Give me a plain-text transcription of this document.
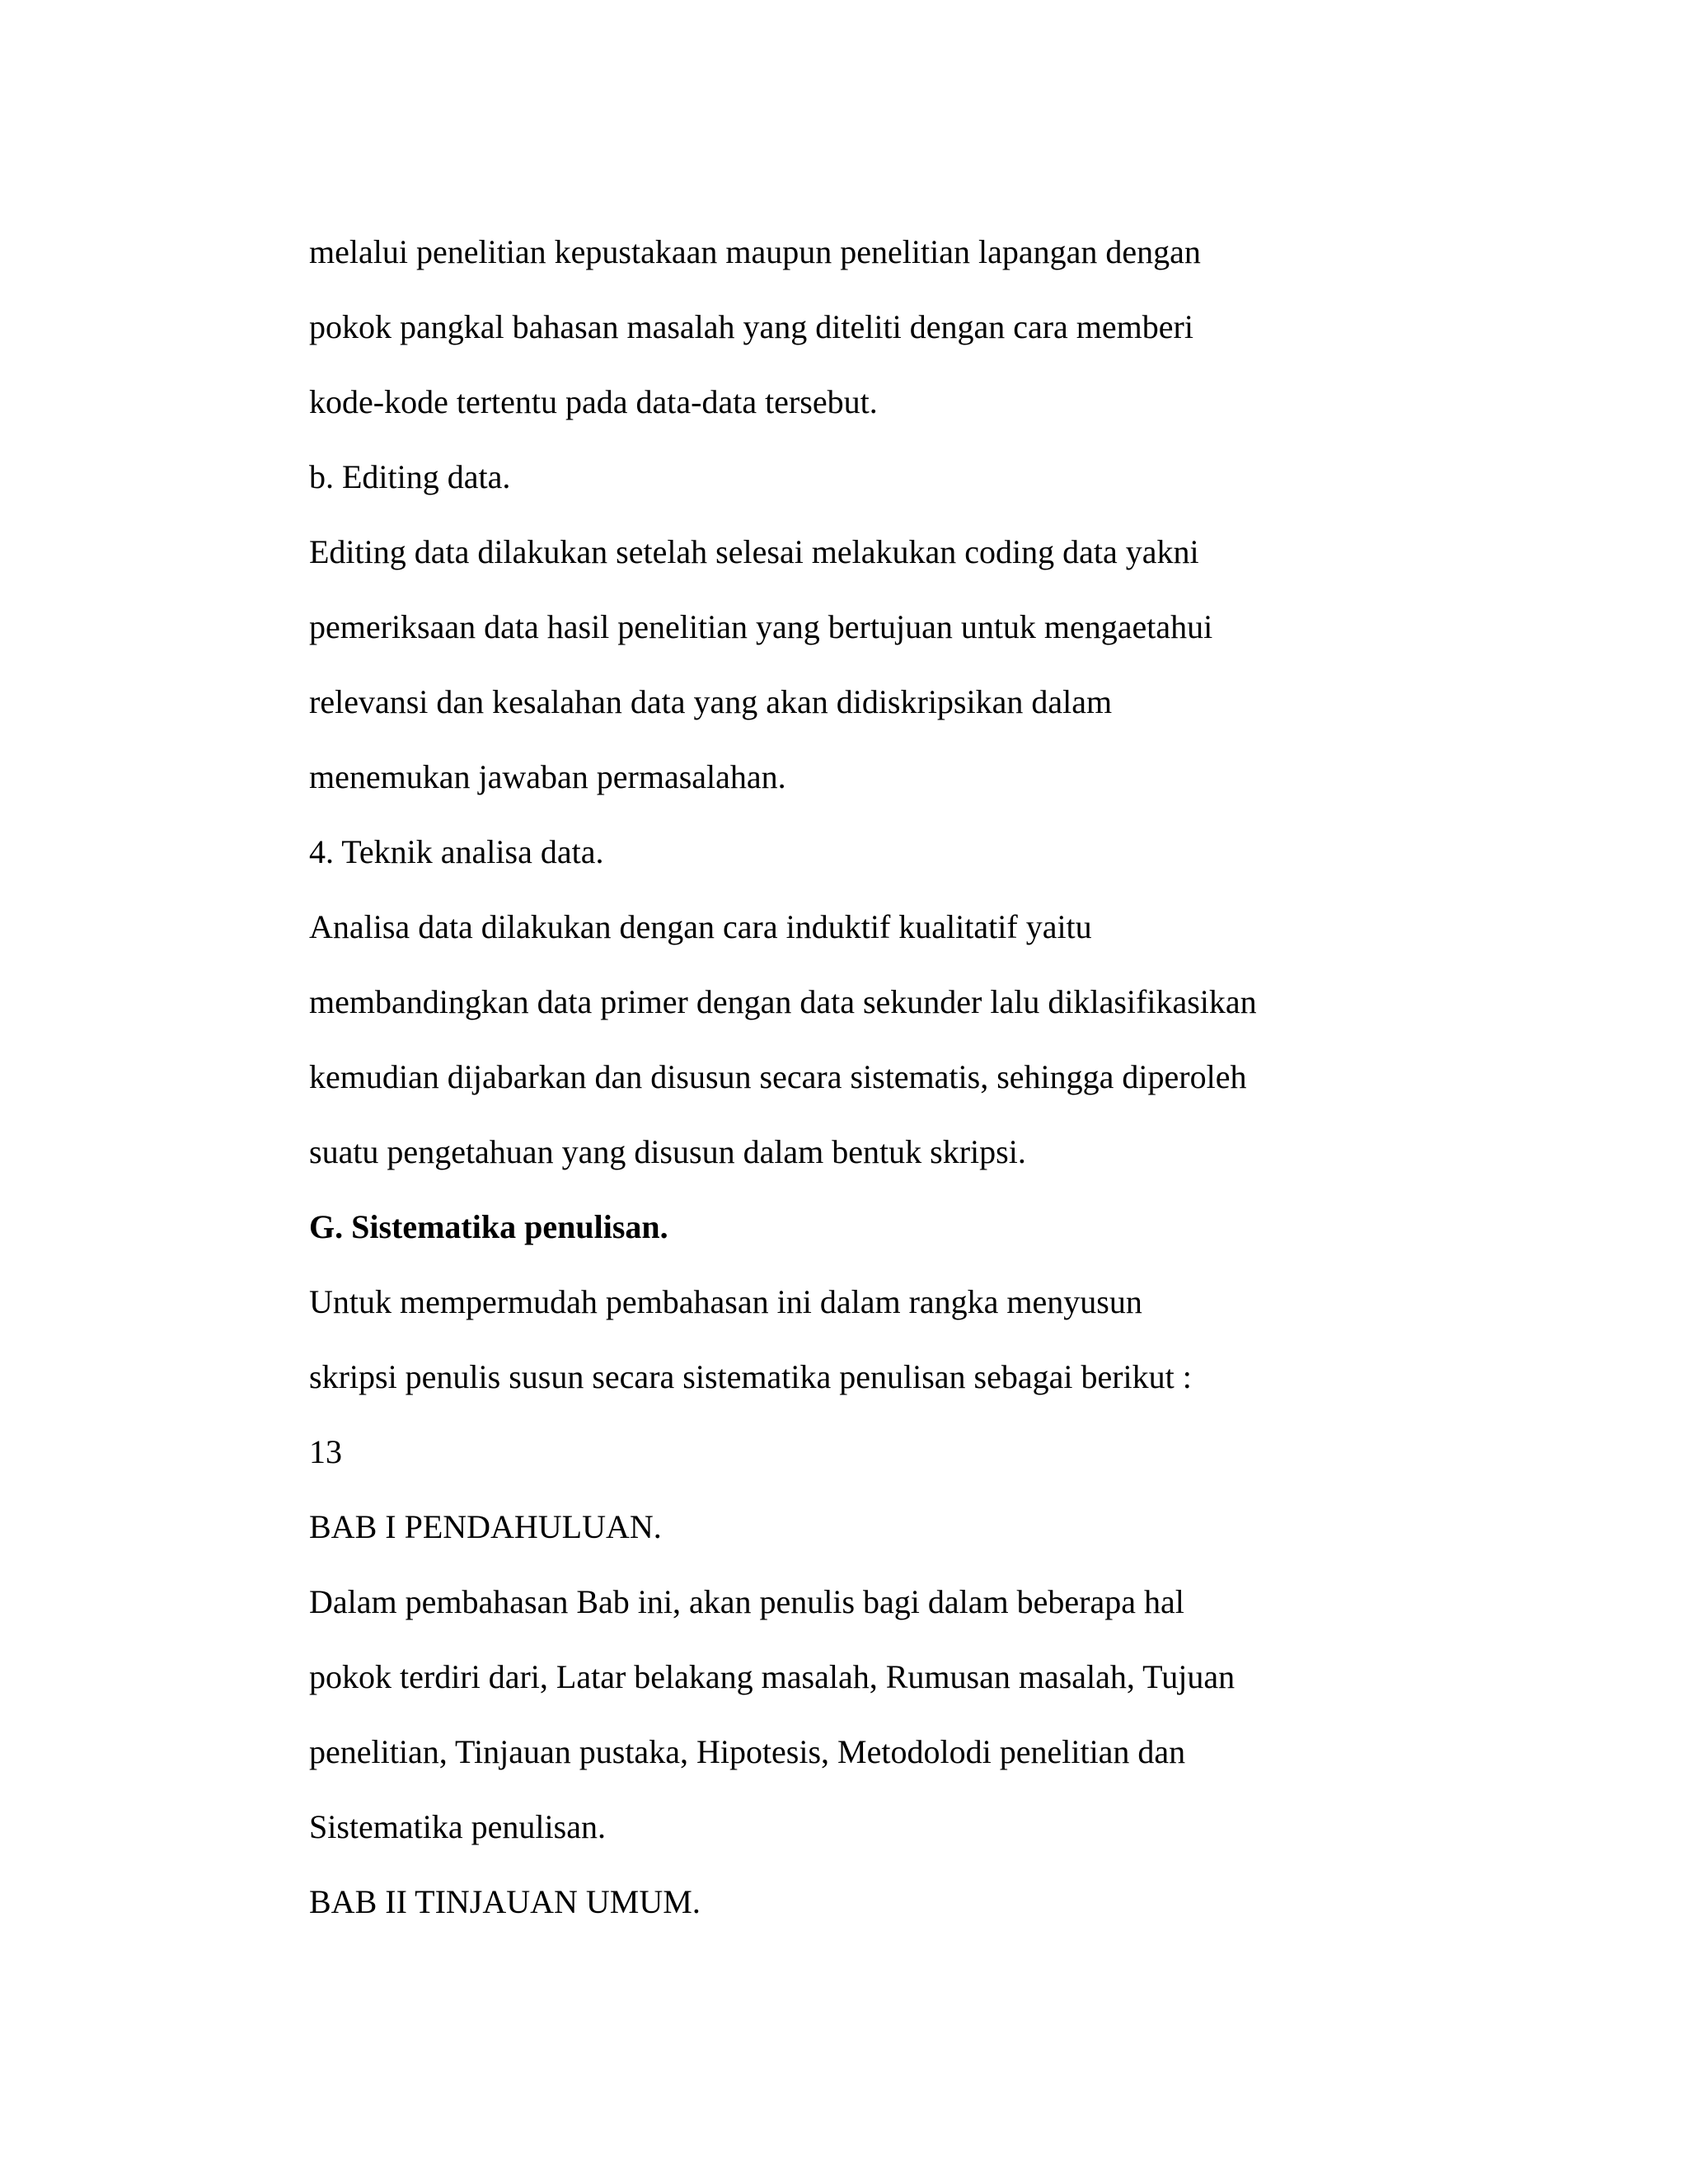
melalui penelitian kepustakaan maupun penelitian lapangan dengan
pokok pangkal bahasan masalah yang diteliti dengan cara memberi
kode-kode tertentu pada data-data tersebut.
b. Editing data.
Editing data dilakukan setelah selesai melakukan coding data yakni
pemeriksaan data hasil penelitian yang bertujuan untuk mengaetahui
relevansi dan kesalahan data yang akan didiskripsikan dalam
menemukan jawaban permasalahan.
4. Teknik analisa data.
Analisa data dilakukan dengan cara induktif kualitatif yaitu
membandingkan data primer dengan data sekunder lalu diklasifikasikan
kemudian dijabarkan dan disusun secara sistematis, sehingga diperoleh
suatu pengetahuan yang disusun dalam bentuk skripsi.
G. Sistematika penulisan.
Untuk mempermudah pembahasan ini dalam rangka menyusun
skripsi penulis susun secara sistematika penulisan sebagai berikut :
13
BAB I PENDAHULUAN.
Dalam pembahasan Bab ini, akan penulis bagi dalam beberapa hal
pokok terdiri dari, Latar belakang masalah, Rumusan masalah, Tujuan
penelitian, Tinjauan pustaka, Hipotesis, Metodolodi penelitian dan
Sistematika penulisan.
BAB II TINJAUAN UMUM.
